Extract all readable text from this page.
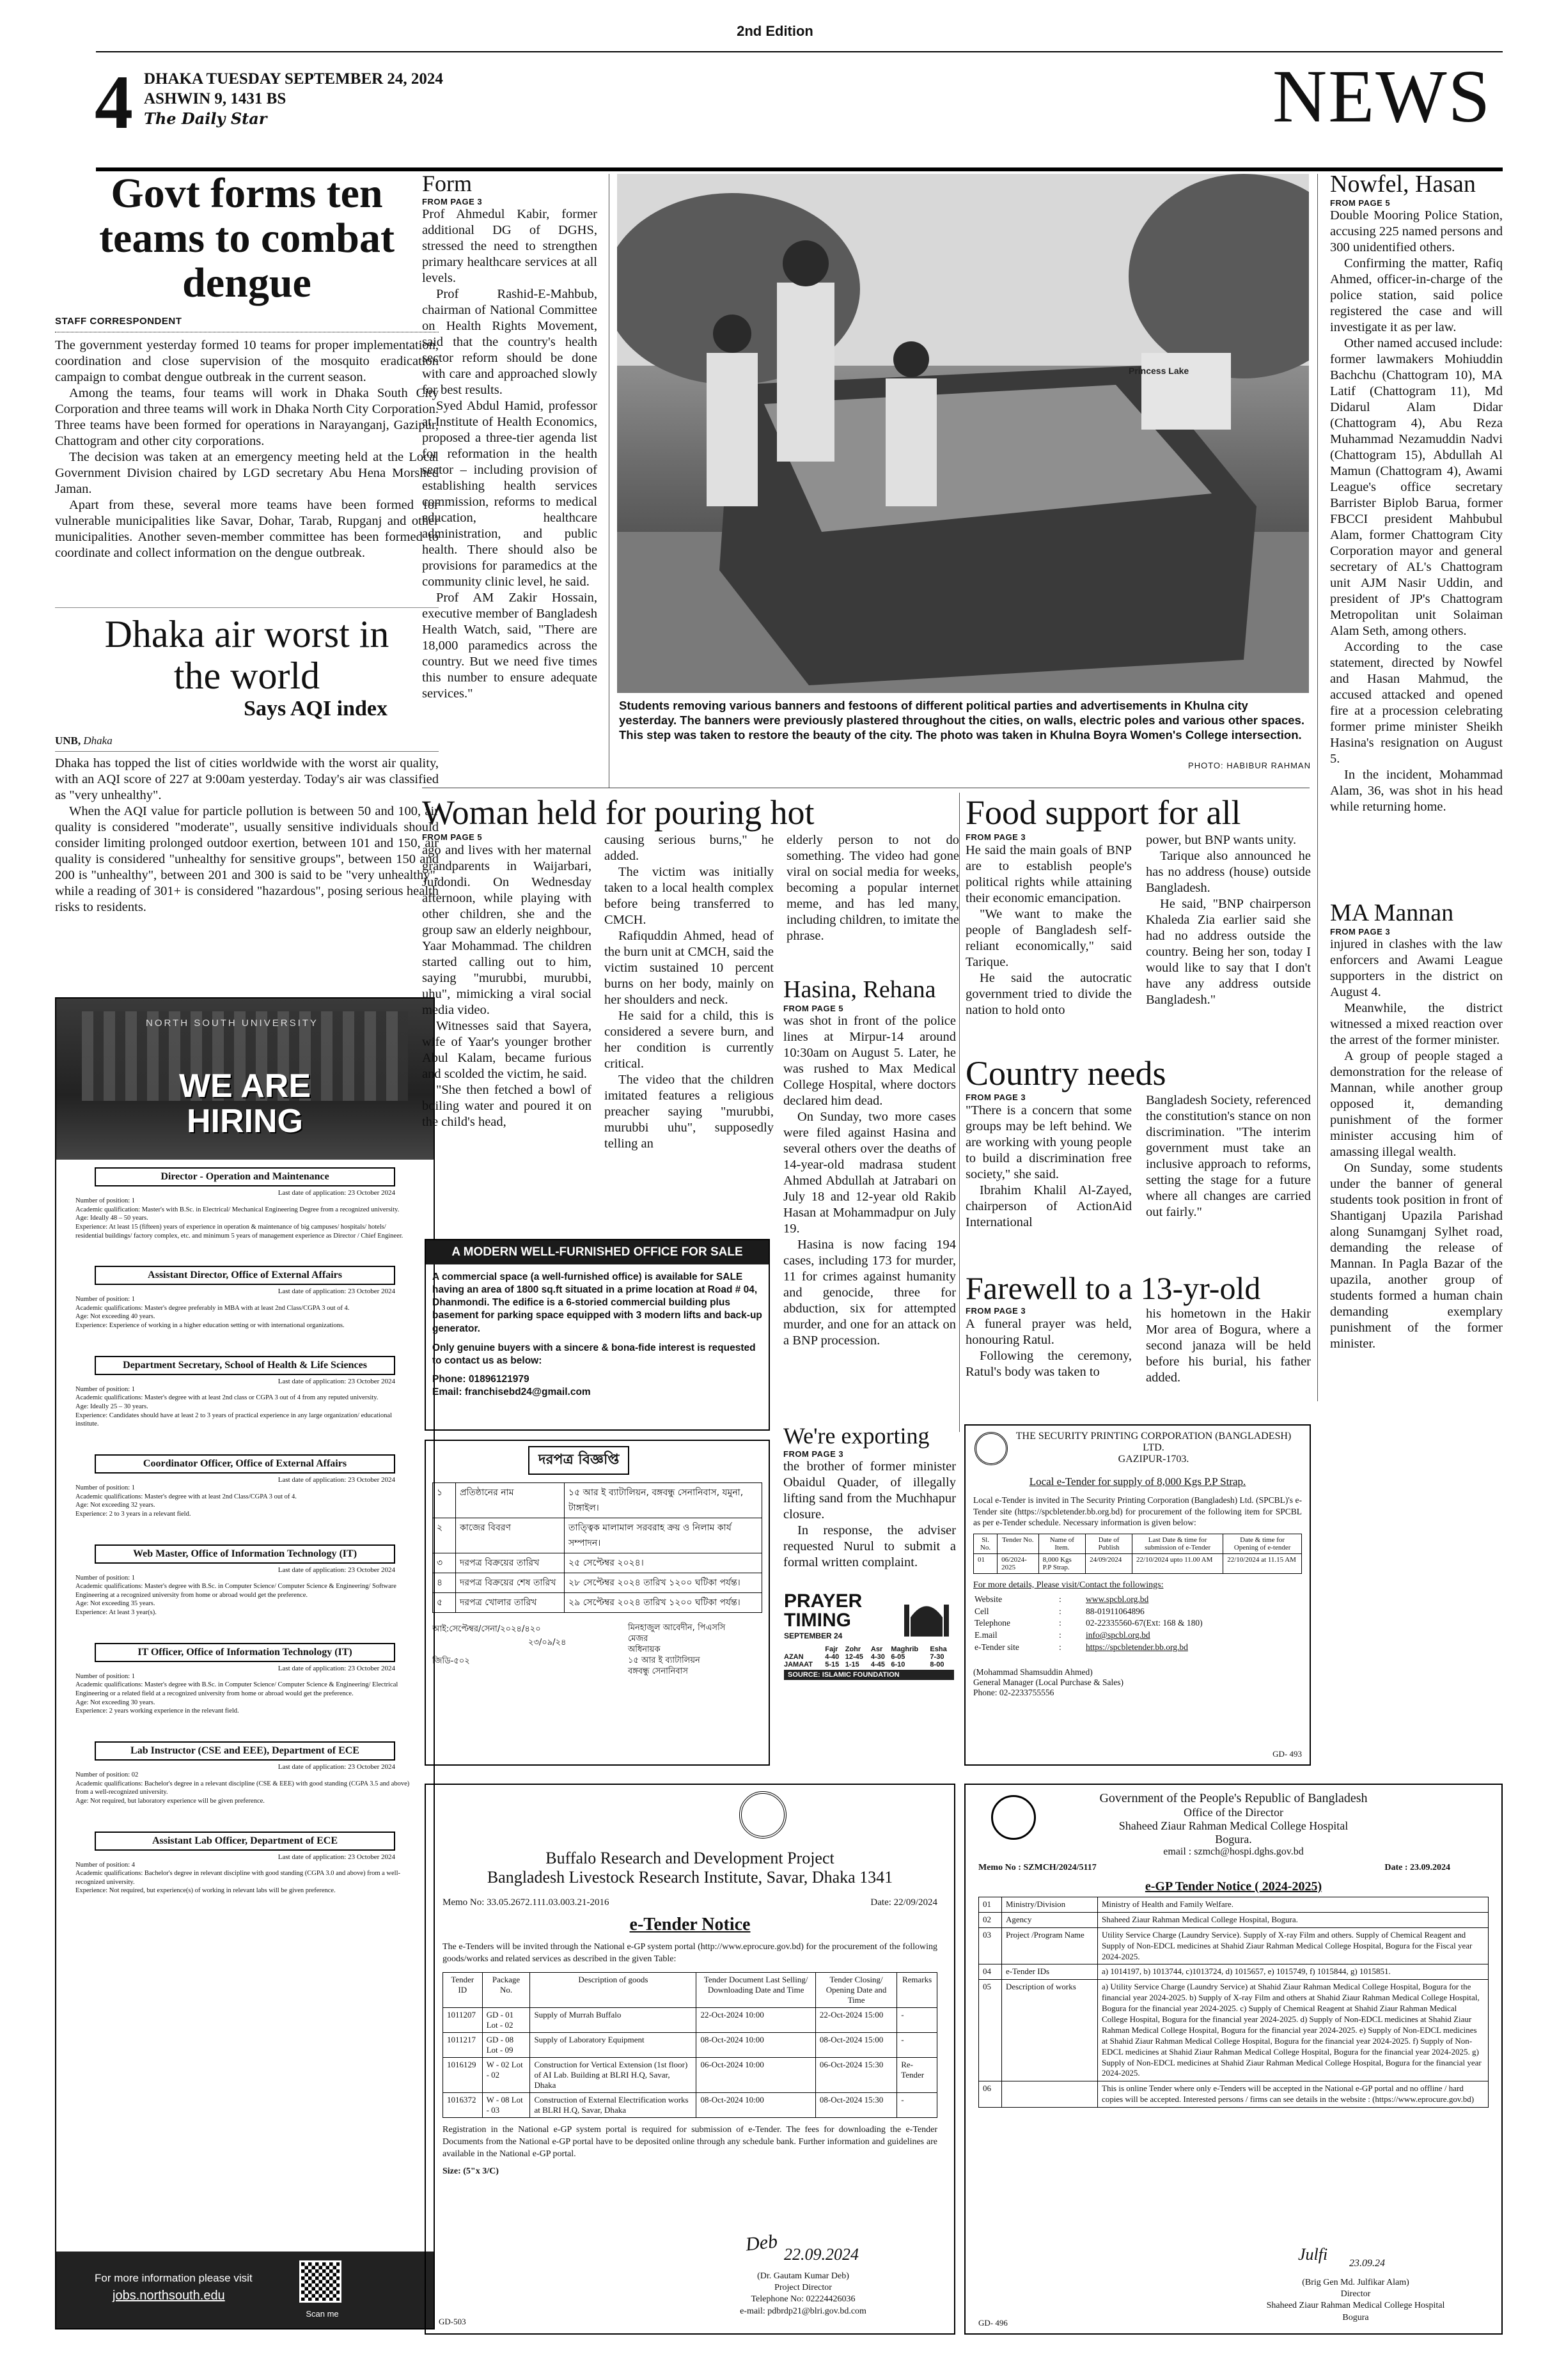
2nd Edition
4 DHAKA TUESDAY SEPTEMBER 24, 2024
ASHWIN 9, 1431 BS
The Daily Star	NEWS
Govt forms ten teams to combat dengue
STAFF CORRESPONDENT

The government yesterday formed 10 teams for proper implementation, coordination and close supervision of the mosquito eradication campaign to combat dengue outbreak in the current season.

Among the teams, four teams will work in Dhaka South City Corporation and three teams will work in Dhaka North City Corporation. Three teams have been formed for operations in Narayanganj, Gazipur, Chattogram and other city corporations.

The decision was taken at an emergency meeting held at the Local Government Division chaired by LGD secretary Abu Hena Morshed Jaman.

Apart from these, several more teams have been formed for vulnerable municipalities like Savar, Dohar, Tarab, Rupganj and other municipalities. Another seven-member committee has been formed to coordinate and collect information on the dengue outbreak.

Dhaka air worst in the world
Says AQI index
UNB, Dhaka

Dhaka has topped the list of cities worldwide with the worst air quality, with an AQI score of 227 at 9:00am yesterday. Today's air was classified as "very unhealthy".

When the AQI value for particle pollution is between 50 and 100, air quality is considered "moderate", usually sensitive individuals should consider limiting prolonged outdoor exertion, between 101 and 150, air quality is considered "unhealthy for sensitive groups", between 150 and 200 is "unhealthy", between 201 and 300 is said to be "very unhealthy", while a reading of 301+ is considered "hazardous", posing serious health risks to residents.

NORTH SOUTH UNIVERSITY
WE ARE
HIRING
Director - Operation and Maintenance
Last date of application: 23 October 2024
Number of position: 1
Academic qualification: Master's with B.Sc. in Electrical/ Mechanical Engineering Degree from a recognized university.
Age: Ideally 48 – 50 years.
Experience: At least 15 (fifteen) years of experience in operation & maintenance of big campuses/ hospitals/ hotels/ residential buildings/ factory complex, etc. and minimum 5 years of management experience as Director / Chief Engineer.
Assistant Director, Office of External Affairs
Last date of application: 23 October 2024
Number of position: 1
Academic qualifications: Master's degree preferably in MBA with at least 2nd Class/CGPA 3 out of 4.
Age: Not exceeding 40 years.
Experience: Experience of working in a higher education setting or with international organizations.
Department Secretary, School of Health & Life Sciences
Last date of application: 23 October 2024
Number of position: 1
Academic qualifications: Master's degree with at least 2nd class or CGPA 3 out of 4 from any reputed university.
Age: Ideally 25 – 30 years.
Experience: Candidates should have at least 2 to 3 years of practical experience in any large organization/ educational institute.
Coordinator Officer, Office of External Affairs
Last date of application: 23 October 2024
Number of position: 1
Academic qualifications: Master's degree with at least 2nd Class/CGPA 3 out of 4.
Age: Not exceeding 32 years.
Experience: 2 to 3 years in a relevant field.
Web Master, Office of Information Technology (IT)
Last date of application: 23 October 2024
Number of position: 1
Academic qualifications: Master's degree with B.Sc. in Computer Science/ Computer Science & Engineering/ Software Engineering at a recognized university from home or abroad would get the preference.
Age: Not exceeding 35 years.
Experience: At least 3 year(s).
IT Officer, Office of Information Technology (IT)
Last date of application: 23 October 2024
Number of position: 1
Academic qualifications: Master's degree with B.Sc. in Computer Science/ Computer Science & Engineering/ Electrical Engineering or a related field at a recognized university from home or abroad would get the preference.
Age: Not exceeding 30 years.
Experience: 2 years working experience in the relevant field.
Lab Instructor (CSE and EEE), Department of ECE
Last date of application: 23 October 2024
Number of position: 02
Academic qualifications: Bachelor's degree in a relevant discipline (CSE & EEE) with good standing (CGPA 3.5 and above) from a well-recognized university.
Age: Not required, but laboratory experience will be given preference.
Assistant Lab Officer, Department of ECE
Last date of application: 23 October 2024
Number of position: 4
Academic qualifications: Bachelor's degree in relevant discipline with good standing (CGPA 3.0 and above) from a well-recognized university.
Experience: Not required, but experience(s) of working in relevant labs will be given preference.
For more information please visit
jobs.northsouth.edu
Scan me
Form
FROM PAGE 3

Prof Ahmedul Kabir, former additional DG of DGHS, stressed the need to strengthen primary healthcare services at all levels.

Prof Rashid-E-Mahbub, chairman of National Committee on Health Rights Movement, said that the country's health sector reform should be done with care and approached slowly for best results.

Syed Abdul Hamid, professor at Institute of Health Economics, proposed a three-tier agenda list for reformation in the health sector – including provision of establishing health services commission, reforms to medical education, healthcare administration, and public health. There should also be provisions for paramedics at the community clinic level, he said.

Prof AM Zakir Hossain, executive member of Bangladesh Health Watch, said, "There are 18,000 paramedics across the country. But we need five times this number to ensure adequate services."

Princess Lake
Students removing various banners and festoons of different political parties and advertisements in Khulna city yesterday. The banners were previously plastered throughout the cities, on walls, electric poles and various other spaces. This step was taken to restore the beauty of the city. The photo was taken in Khulna Boyra Women's College intersection.
PHOTO: HABIBUR RAHMAN
Woman held for pouring hot
FROM PAGE 5

ago and lives with her maternal grandparents in Waijarbari, Juidondi. On Wednesday afternoon, while playing with other children, she and the group saw an elderly neighbour, Yaar Mohammad. The children started calling out to him, saying "murubbi, murubbi, uhu", mimicking a viral social media video.

Witnesses said that Sayera, wife of Yaar's younger brother Abul Kalam, became furious and scolded the victim, he said.

"She then fetched a bowl of boiling water and poured it on the child's head,

causing serious burns," he added.

The victim was initially taken to a local health complex before being transferred to CMCH.

Rafiquddin Ahmed, head of the burn unit at CMCH, said the victim sustained 10 percent burns on her body, mainly on her shoulders and neck.

He said for a child, this is considered a severe burn, and her condition is currently critical.

The video that the children imitated features a religious preacher saying "murubbi, murubbi uhu", supposedly telling an

elderly person to not do something. The video had gone viral on social media for weeks, becoming a popular internet meme, and has led many, including children, to imitate the phrase.

Hasina, Rehana
FROM PAGE 5

was shot in front of the police lines at Mirpur-14 around 10:30am on August 5. Later, he was rushed to Max Medical College Hospital, where doctors declared him dead.

On Sunday, two more cases were filed against Hasina and several others over the deaths of 14-year-old madrasa student Ahmed Abdullah at Jatrabari on July 18 and 12-year old Rakib Hasan at Mohammadpur on July 19.

Hasina is now facing 194 cases, including 173 for murder, 11 for crimes against humanity and genocide, three for abduction, six for attempted murder, and one for an attack on a BNP procession.

Food support for all
FROM PAGE 3

He said the main goals of BNP are to establish people's political rights while attaining their economic emancipation.

"We want to make the people of Bangladesh self-reliant economically," said Tarique.

He said the autocratic government tried to divide the nation to hold onto

power, but BNP wants unity.

Tarique also announced he has no address (house) outside Bangladesh.

He said, "BNP chairperson Khaleda Zia earlier said she had no address outside the country. Being her son, today I would like to say that I don't have any address outside Bangladesh."

Country needs
FROM PAGE 3

"There is a concern that some groups may be left behind. We are working with young people to build a discrimination free society," she said.

Ibrahim Khalil Al-Zayed, chairperson of ActionAid International

Bangladesh Society, referenced the constitution's stance on non discrimination. "The interim government must take an inclusive approach to reforms, setting the stage for a future where all changes are carried out fairly."

Farewell to a 13-yr-old
FROM PAGE 3

A funeral prayer was held, honouring Ratul.

Following the ceremony, Ratul's body was taken to

his hometown in the Hakir Mor area of Bogura, where a second janaza will be held before his burial, his father added.

A MODERN WELL-FURNISHED OFFICE FOR SALE
A commercial space (a well-furnished office) is available for SALE having an area of 1800 sq.ft situated in a prime location at Road # 04, Dhanmondi. The edifice is a 6-storied commercial building plus basement for parking space equipped with 3 modern lifts and back-up generator.
Only genuine buyers with a sincere & bona-fide interest is requested to contact us as below:
Phone: 01896121979
Email: franchisebd24@gmail.com
We're exporting
FROM PAGE 3

the brother of former minister Obaidul Quader, of illegally lifting sand from the Muchhapur closure.

In response, the adviser requested Nurul to submit a formal written complaint.

PRAYER TIMING
SEPTEMBER 24
	Fajr	Zohr	Asr	Maghrib	Esha
AZAN	4-40	12-45	4-30	6-05	7-30
JAMAAT	5-15	1-15	4-45	6-10	8-00
SOURCE: ISLAMIC FOUNDATION
Nowfel, Hasan
FROM PAGE 5

Double Mooring Police Station, accusing 225 named persons and 300 unidentified others.

Confirming the matter, Rafiq Ahmed, officer-in-charge of the police station, said police registered the case and will investigate it as per law.

Other named accused include: former lawmakers Mohiuddin Bachchu (Chattogram 10), MA Latif (Chattogram 11), Md Didarul Alam Didar (Chattogram 4), Abu Reza Muhammad Nezamuddin Nadvi (Chattogram 15), Abdullah Al Mamun (Chattogram 4), Awami League's office secretary Barrister Biplob Barua, former FBCCI president Mahbubul Alam, former Chattogram City Corporation mayor and general secretary of AL's Chattogram unit AJM Nasir Uddin, and president of JP's Chattogram Metropolitan unit Solaiman Alam Seth, among others.

According to the case statement, directed by Nowfel and Hasan Mahmud, the accused attacked and opened fire at a procession celebrating former prime minister Sheikh Hasina's resignation on August 5.

In the incident, Mohammad Alam, 36, was shot in his head while returning home.

MA Mannan
FROM PAGE 3

injured in clashes with the law enforcers and Awami League supporters in the district on August 4.

Meanwhile, the district witnessed a mixed reaction over the arrest of the former minister.

A group of people staged a demonstration for the release of Mannan, while another group opposed it, demanding punishment of the former minister accusing him of amassing illegal wealth.

On Sunday, some students under the banner of general students took position in front of Shantiganj Upazila Parishad along Sunamganj Sylhet road, demanding the release of Mannan. In Pagla Bazar of the upazila, another group of students formed a human chain demanding exemplary punishment of the former minister.

দরপত্র বিজ্ঞপ্তি
১	প্রতিষ্ঠানের নাম	১৫ আর ই ব্যাটালিয়ন, বঙ্গবন্ধু সেনানিবাস, যমুনা, টাঙ্গাইল।
২	কাজের বিবরণ	তাত্ত্বিক মালামাল সরবরাহ ক্রয় ও নিলাম কার্য সম্পাদন।
৩	দরপত্র বিক্রয়ের তারিখ	২৫ সেপ্টেম্বর ২০২৪।
৪	দরপত্র বিক্রয়ের শেষ তারিখ	২৮ সেপ্টেম্বর ২০২৪ তারিখ ১২০০ ঘটিকা পর্যন্ত।
৫	দরপত্র খোলার তারিখ	২৯ সেপ্টেম্বর ২০২৪ তারিখ ১২০০ ঘটিকা পর্যন্ত।
আই:সেপ্টেম্বর/সেনা/২০২৪/৪২০
২৩/০৯/২৪
জিডি-৫০২
মিনহাজুল আবেদীন, পিএসসি
মেজর
অধিনায়ক
১৫ আর ই ব্যাটালিয়ন
বঙ্গবন্ধু সেনানিবাস
THE SECURITY PRINTING CORPORATION (BANGLADESH) LTD.
GAZIPUR-1703.
Local e-Tender for supply of 8,000 Kgs P.P Strap.
Local e-Tender is invited in The Security Printing Corporation (Bangladesh) Ltd. (SPCBL)'s e-Tender site (https://spcbletender.bb.org.bd) for procurement of the following item for SPCBL as per e-Tender schedule. Necessary information is given below:
Sl. No.	Tender No.	Name of Item.	Date of Publish	Last Date & time for submission of e-Tender	Date & time for Opening of e-tender
01	06/2024-2025	8,000 Kgs P.P Strap.	24/09/2024	22/10/2024 upto 11.00 AM	22/10/2024 at 11.15 AM
For more details, Please visit/Contact the followings:
Website	:	www.spcbl.org.bd
Cell	:	88-01911064896
Telephone	:	02-22335560-67(Ext: 168 & 180)
E.mail	:	info@spcbl.org.bd
e-Tender site	:	https://spcbletender.bb.org.bd
(Mohammad Shamsuddin Ahmed)
General Manager (Local Purchase & Sales)
Phone: 02-2233755556
GD- 493
Buffalo Research and Development Project
Bangladesh Livestock Research Institute, Savar, Dhaka 1341
Memo No: 33.05.2672.111.03.003.21-2016	Date: 22/09/2024
e-Tender Notice
The e-Tenders will be invited through the National e-GP system portal (http://www.eprocure.gov.bd) for the procurement of the following goods/works and related services as described in the given Table:
Tender ID	Package No.	Description of goods	Tender Document Last Selling/ Downloading Date and Time	Tender Closing/ Opening Date and Time	Remarks
1011207	GD - 01 Lot - 02	Supply of Murrah Buffalo	22-Oct-2024 10:00	22-Oct-2024 15:00	-
1011217	GD - 08 Lot - 09	Supply of Laboratory Equipment	08-Oct-2024 10:00	08-Oct-2024 15:00	-
1016129	W - 02 Lot - 02	Construction for Vertical Extension (1st floor) of AI Lab. Building at BLRI H.Q, Savar, Dhaka	06-Oct-2024 10:00	06-Oct-2024 15:30	Re-Tender
1016372	W - 08 Lot - 03	Construction of External Electrification works at BLRI H.Q, Savar, Dhaka	08-Oct-2024 10:00	08-Oct-2024 15:30	-
Registration in the National e-GP system portal is required for submission of e-Tender. The fees for downloading the e-Tender Documents from the National e-GP portal have to be deposited online through any schedule bank. Further information and guidelines are available in the National e-GP portal.
Size: (5"x 3/C)
Deb 22.09.2024
(Dr. Gautam Kumar Deb)
Project Director
Telephone No: 02224426036
e-mail: pdbrdp21@blri.gov.bd.com
GD-503
Government of the People's Republic of Bangladesh
Office of the Director
Shaheed Ziaur Rahman Medical College Hospital
Bogura.
email : szmch@hospi.dghs.gov.bd
Memo No : SZMCH/2024/5117	Date : 23.09.2024
e-GP Tender Notice ( 2024-2025)
01	Ministry/Division	Ministry of Health and Family Welfare.
02	Agency	Shaheed Ziaur Rahman Medical College Hospital, Bogura.
03	Project /Program Name	Utility Service Charge (Laundry Service). Supply of X-ray Film and others. Supply of Chemical Reagent and Supply of Non-EDCL medicines at Shahid Ziaur Rahman Medical College Hospital, Bogura for the Fiscal year 2024-2025.
04	e-Tender IDs	a) 1014197, b) 1013744, c)1013724, d) 1015657, e) 1015749, f) 1015844, g) 1015851.
05	Description of works	a) Utility Service Charge (Laundry Service) at Shahid Ziaur Rahman Medical College Hospital, Bogura for the financial year 2024-2025. b) Supply of X-ray Film and others at Shahid Ziaur Rahman Medical College Hospital, Bogura for the financial year 2024-2025. c) Supply of Chemical Reagent at Shahid Ziaur Rahman Medical College Hospital, Bogura for the financial year 2024-2025. d) Supply of Non-EDCL medicines at Shahid Ziaur Rahman Medical College Hospital, Bogura for the financial year 2024-2025. e) Supply of Non-EDCL medicines at Shahid Ziaur Rahman Medical College Hospital, Bogura for the financial year 2024-2025. f) Supply of Non-EDCL medicines at Shahid Ziaur Rahman Medical College Hospital, Bogura for the financial year 2024-2025. g) Supply of Non-EDCL medicines at Shahid Ziaur Rahman Medical College Hospital, Bogura for the financial year 2024-2025.
06		This is online Tender where only e-Tenders will be accepted in the National e-GP portal and no offline / hard copies will be accepted. Interested persons / firms can see details in the website : (https://www.eprocure.gov.bd)
Julfi 23.09.24
(Brig Gen Md. Julfikar Alam)
Director
Shaheed Ziaur Rahman Medical College Hospital
Bogura
GD- 496
